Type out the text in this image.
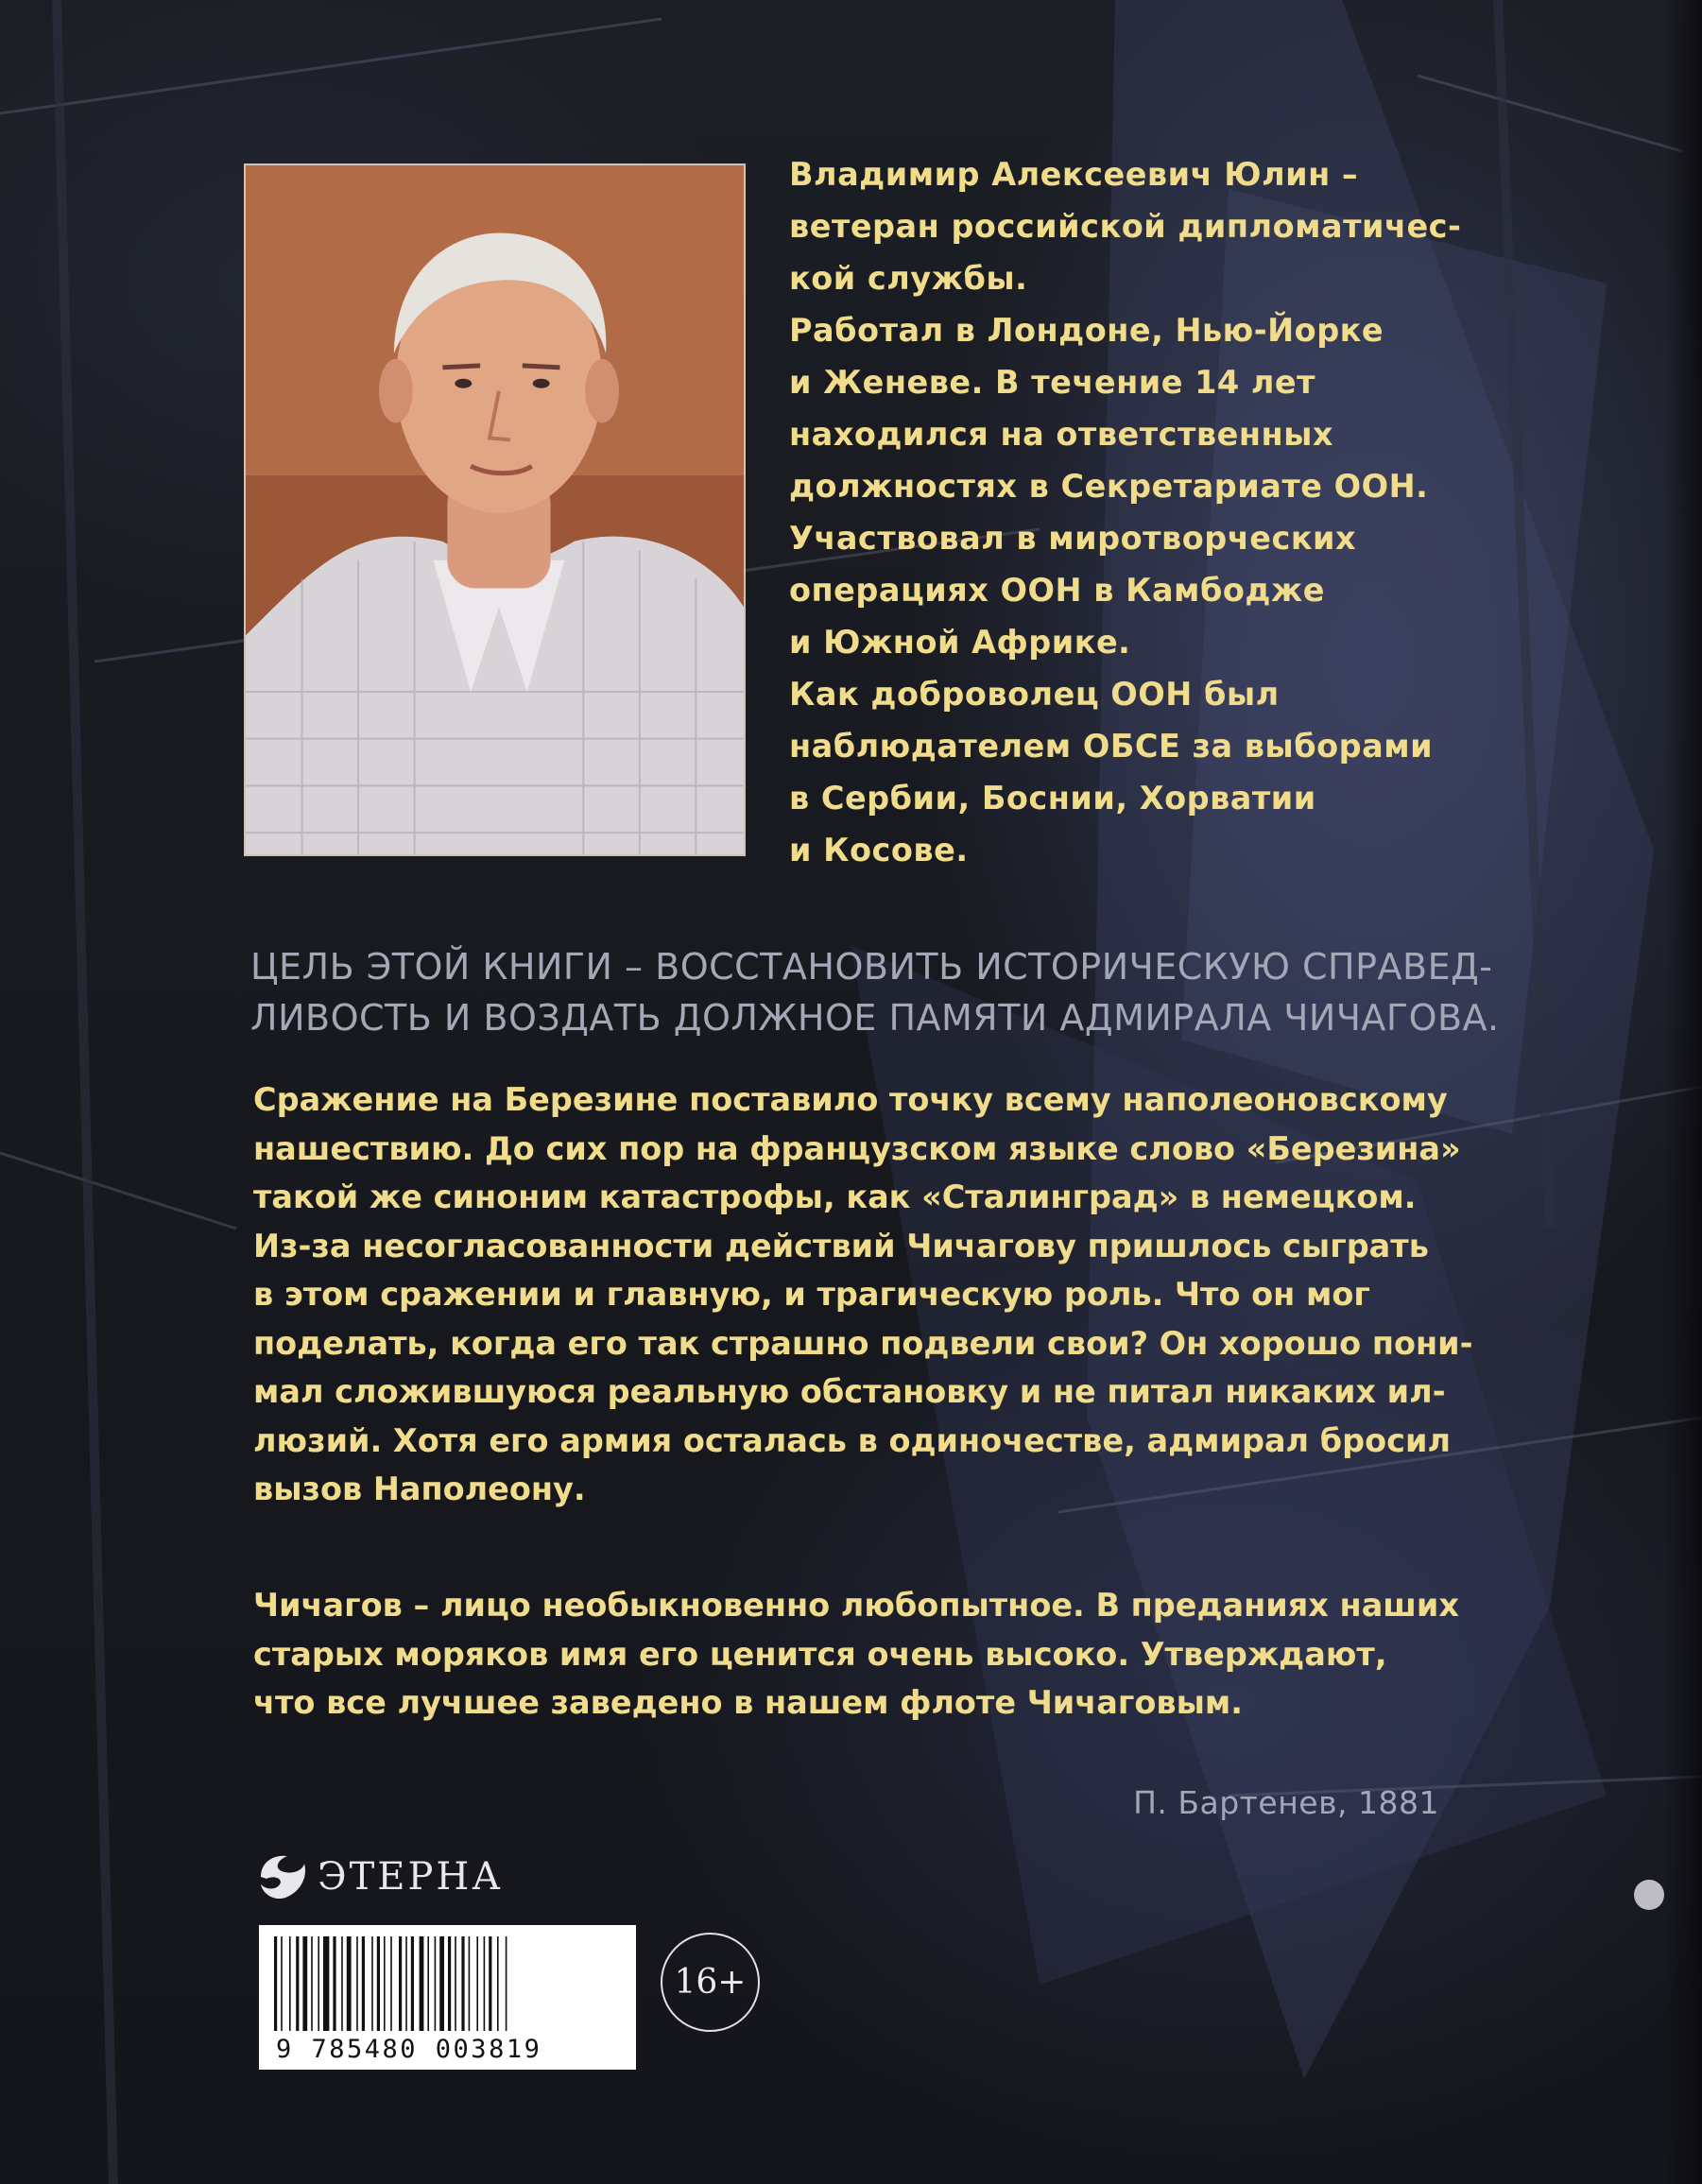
Владимир Алексеевич Юлин –
ветеран российской дипломатичес-
кой службы.
Работал в Лондоне, Нью-Йорке
и Женеве. В течение 14 лет
находился на ответственных
должностях в Секретариате ООН.
Участвовал в миротворческих
операциях ООН в Камбодже
и Южной Африке.
Как доброволец ООН был
наблюдателем ОБСЕ за выборами
в Сербии, Боснии, Хорватии
и Косове.
ЦЕЛЬ ЭТОЙ КНИГИ – ВОССТАНОВИТЬ ИСТОРИЧЕСКУЮ СПРАВЕД-
ЛИВОСТЬ И ВОЗДАТЬ ДОЛЖНОЕ ПАМЯТИ АДМИРАЛА ЧИЧАГОВА.
Сражение на Березине поставило точку всему наполеоновскому
нашествию. До сих пор на французском языке слово «Березина»
такой же синоним катастрофы, как «Сталинград» в немецком.
Из-за несогласованности действий Чичагову пришлось сыграть
в этом сражении и главную, и трагическую роль. Что он мог
поделать, когда его так страшно подвели свои? Он хорошо пони-
мал сложившуюся реальную обстановку и не питал никаких ил-
люзий. Хотя его армия осталась в одиночестве, адмирал бросил
вызов Наполеону.
Чичагов – лицо необыкновенно любопытное. В преданиях наших
старых моряков имя его ценится очень высоко. Утверждают,
что все лучшее заведено в нашем флоте Чичаговым.
П. Бартенев, 1881
ЭТЕРНА
9 785480 003819
16+
